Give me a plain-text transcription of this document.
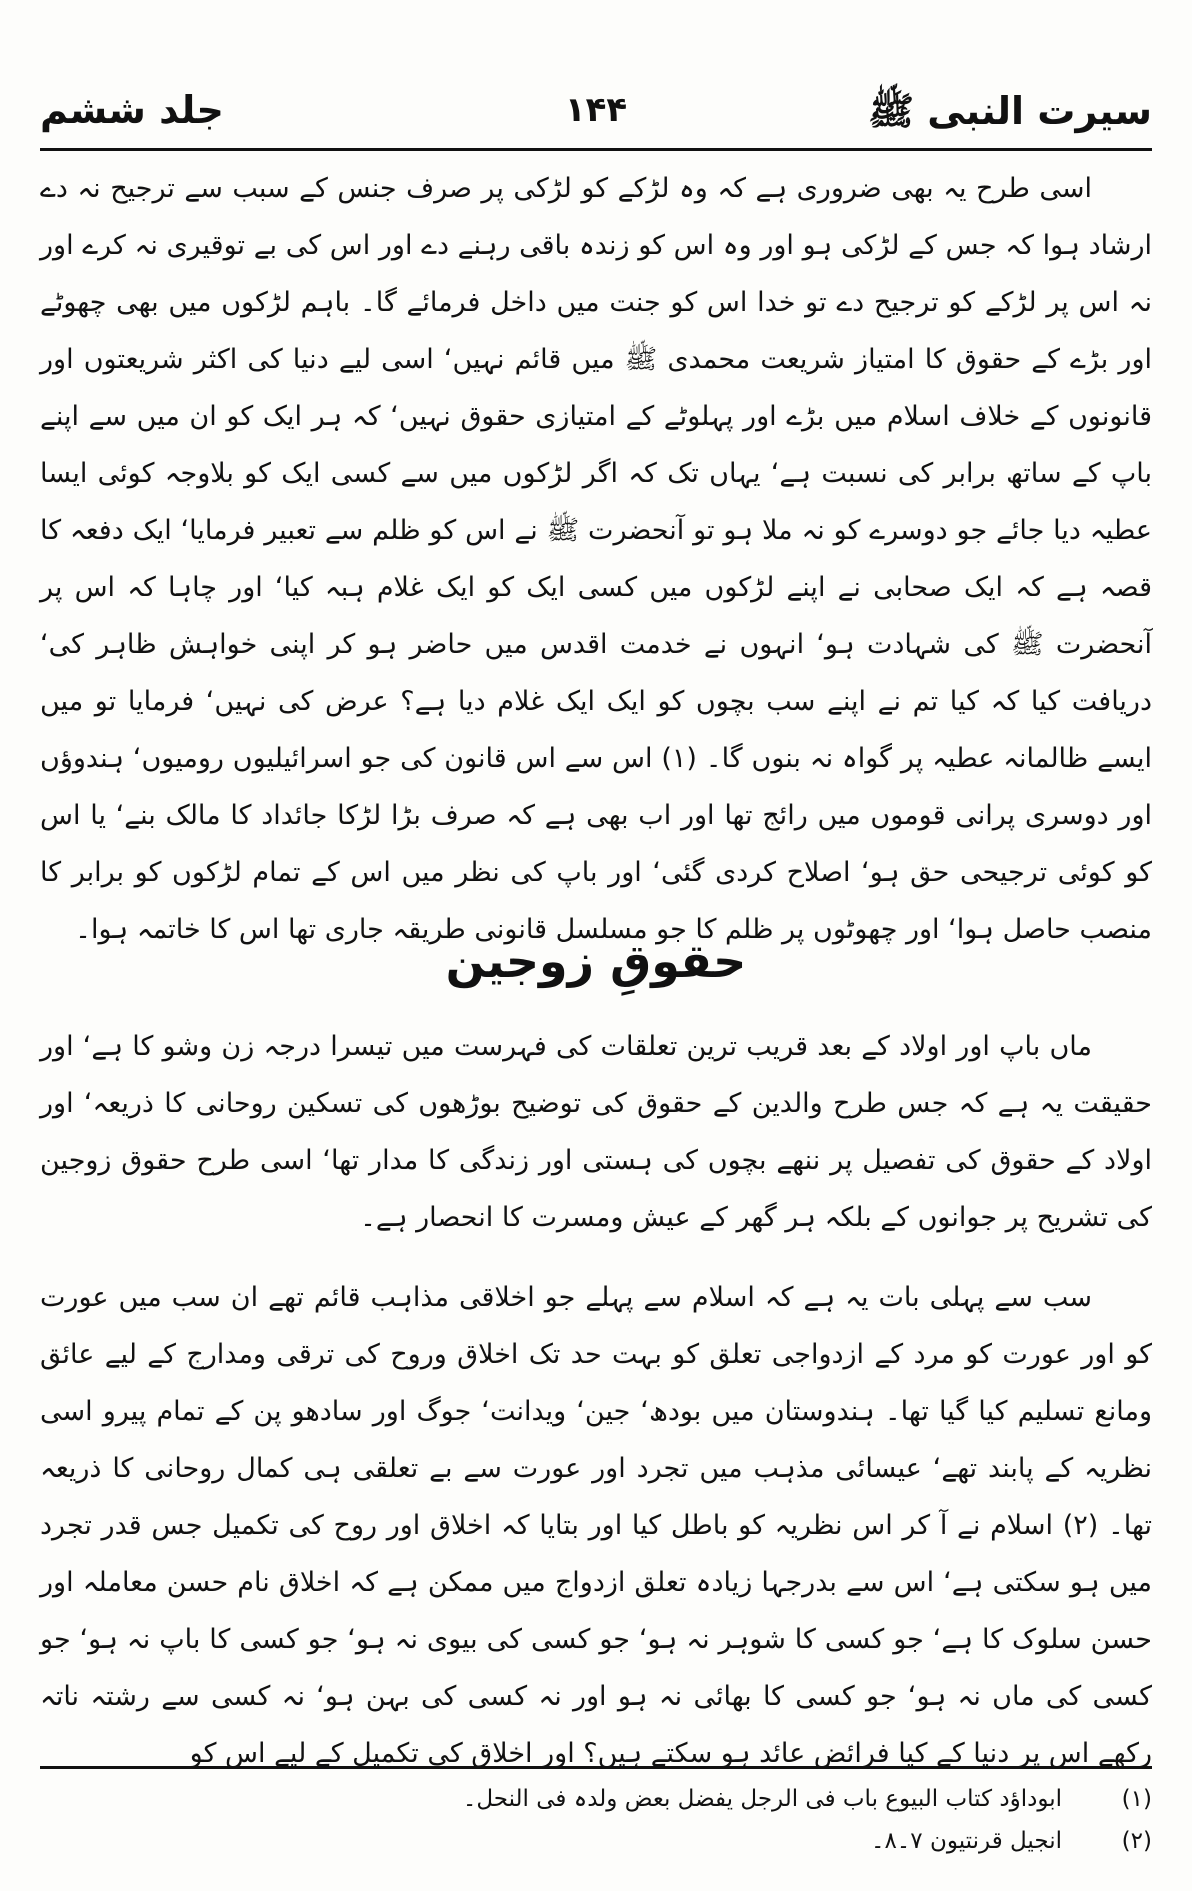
سیرت النبی ﷺ
۱۴۴
جلد ششم

اسی طرح یہ بھی ضروری ہے کہ وہ لڑکے کو لڑکی پر صرف جنس کے سبب سے ترجیح نہ دے ارشاد ہوا کہ جس کے لڑکی ہو اور وہ اس کو زندہ باقی رہنے دے اور اس کی بے توقیری نہ کرے اور نہ اس پر لڑکے کو ترجیح دے تو خدا اس کو جنت میں داخل فرمائے گا۔ باہم لڑکوں میں بھی چھوٹے اور بڑے کے حقوق کا امتیاز شریعت محمدی ﷺ میں قائم نہیں‘ اسی لیے دنیا کی اکثر شریعتوں اور قانونوں کے خلاف اسلام میں بڑے اور پہلوٹے کے امتیازی حقوق نہیں‘ کہ ہر ایک کو ان میں سے اپنے باپ کے ساتھ برابر کی نسبت ہے‘ یہاں تک کہ اگر لڑکوں میں سے کسی ایک کو بلاوجہ کوئی ایسا عطیہ دیا جائے جو دوسرے کو نہ ملا ہو تو آنحضرت ﷺ نے اس کو ظلم سے تعبیر فرمایا‘ ایک دفعہ کا قصہ ہے کہ ایک صحابی نے اپنے لڑکوں میں کسی ایک کو ایک غلام ہبہ کیا‘ اور چاہا کہ اس پر آنحضرت ﷺ کی شہادت ہو‘ انہوں نے خدمت اقدس میں حاضر ہو کر اپنی خواہش ظاہر کی‘ دریافت کیا کہ کیا تم نے اپنے سب بچوں کو ایک ایک غلام دیا ہے؟ عرض کی نہیں‘ فرمایا تو میں ایسے ظالمانہ عطیہ پر گواہ نہ بنوں گا۔ (۱) اس سے اس قانون کی جو اسرائیلیوں رومیوں‘ ہندوؤں اور دوسری پرانی قوموں میں رائج تھا اور اب بھی ہے کہ صرف بڑا لڑکا جائداد کا مالک بنے‘ یا اس کو کوئی ترجیحی حق ہو‘ اصلاح کردی گئی‘ اور باپ کی نظر میں اس کے تمام لڑکوں کو برابر کا منصب حاصل ہوا‘ اور چھوٹوں پر ظلم کا جو مسلسل قانونی طریقہ جاری تھا اس کا خاتمہ ہوا۔

حقوقِ زوجین

ماں باپ اور اولاد کے بعد قریب ترین تعلقات کی فہرست میں تیسرا درجہ زن وشو کا ہے‘ اور حقیقت یہ ہے کہ جس طرح والدین کے حقوق کی توضیح بوڑھوں کی تسکین روحانی کا ذریعہ‘ اور اولاد کے حقوق کی تفصیل پر ننھے بچوں کی ہستی اور زندگی کا مدار تھا‘ اسی طرح حقوق زوجین کی تشریح پر جوانوں کے بلکہ ہر گھر کے عیش ومسرت کا انحصار ہے۔

سب سے پہلی بات یہ ہے کہ اسلام سے پہلے جو اخلاقی مذاہب قائم تھے ان سب میں عورت کو اور عورت کو مرد کے ازدواجی تعلق کو بہت حد تک اخلاق وروح کی ترقی ومدارج کے لیے عائق ومانع تسلیم کیا گیا تھا۔ ہندوستان میں بودھ‘ جین‘ ویدانت‘ جوگ اور سادھو پن کے تمام پیرو اسی نظریہ کے پابند تھے‘ عیسائی مذہب میں تجرد اور عورت سے بے تعلقی ہی کمال روحانی کا ذریعہ تھا۔ (۲) اسلام نے آ کر اس نظریہ کو باطل کیا اور بتایا کہ اخلاق اور روح کی تکمیل جس قدر تجرد میں ہو سکتی ہے‘ اس سے بدرجہا زیادہ تعلق ازدواج میں ممکن ہے کہ اخلاق نام حسن معاملہ اور حسن سلوک کا ہے‘ جو کسی کا شوہر نہ ہو‘ جو کسی کی بیوی نہ ہو‘ جو کسی کا باپ نہ ہو‘ جو کسی کی ماں نہ ہو‘ جو کسی کا بھائی نہ ہو اور نہ کسی کی بہن ہو‘ نہ کسی سے رشتہ ناتہ رکھے اس پر دنیا کے کیا فرائض عائد ہو سکتے ہیں؟ اور اخلاق کی تکمیل کے لیے اس کو

(۱)
ابوداؤد کتاب البیوع باب فی الرجل یفضل بعض ولدہ فی النحل۔
(۲)
انجیل قرنتیون ۷۔۸۔
